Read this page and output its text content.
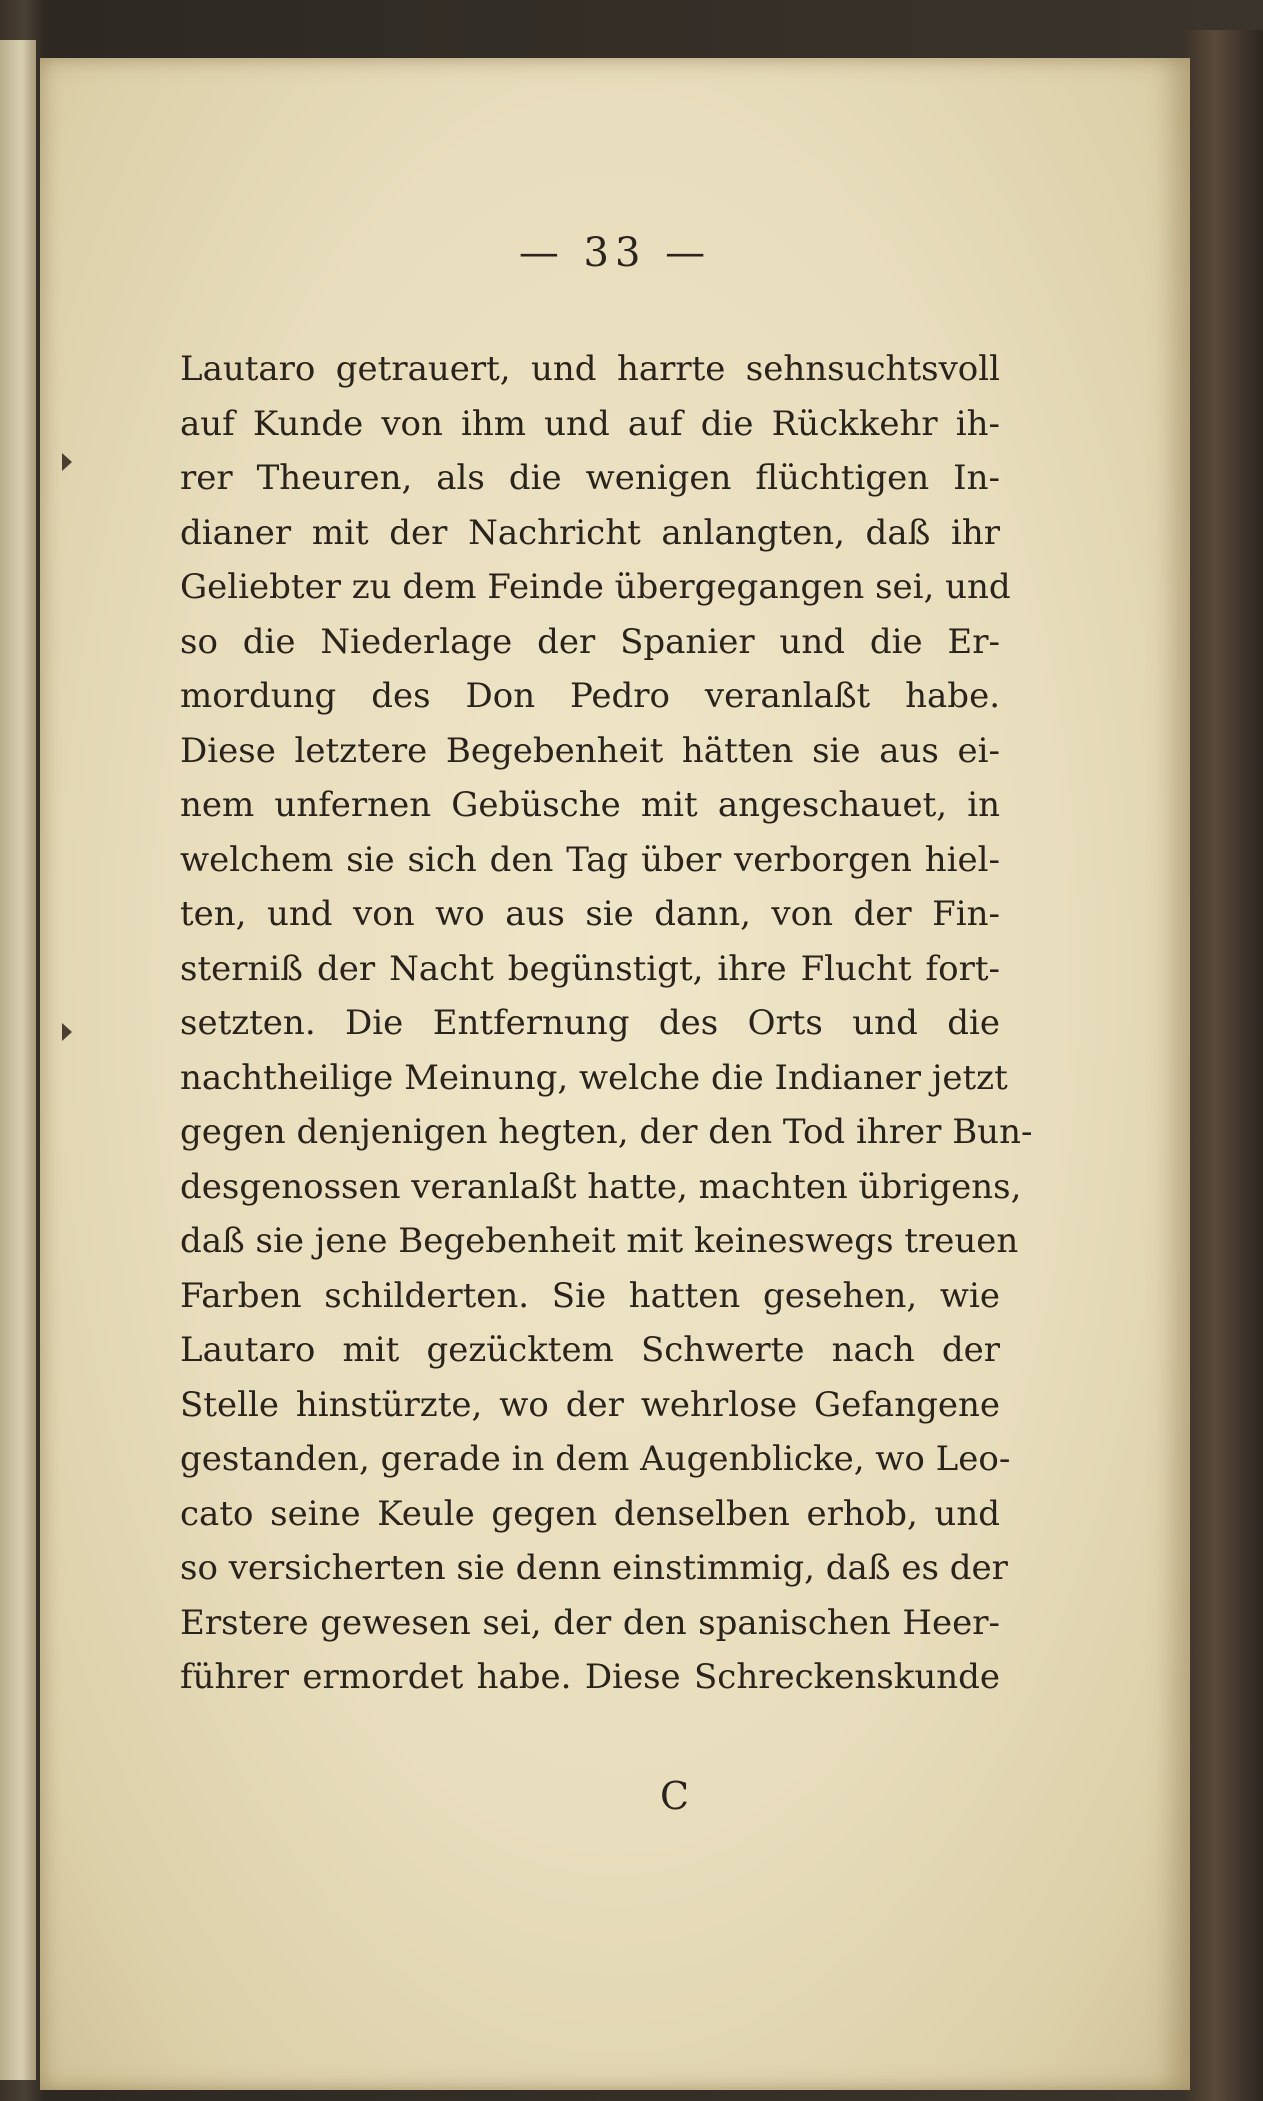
— 33 —
Lautaro getrauert, und harrte sehnsuchtsvoll
auf Kunde von ihm und auf die Rückkehr ih-
rer Theuren, als die wenigen flüchtigen In-
dianer mit der Nachricht anlangten, daß ihr
Geliebter zu dem Feinde übergegangen sei, und
so die Niederlage der Spanier und die Er-
mordung des Don Pedro veranlaßt habe.
Diese letztere Begebenheit hätten sie aus ei-
nem unfernen Gebüsche mit angeschauet, in
welchem sie sich den Tag über verborgen hiel-
ten, und von wo aus sie dann, von der Fin-
sterniß der Nacht begünstigt, ihre Flucht fort-
setzten. Die Entfernung des Orts und die
nachtheilige Meinung, welche die Indianer jetzt
gegen denjenigen hegten, der den Tod ihrer Bun-
desgenossen veranlaßt hatte, machten übrigens,
daß sie jene Begebenheit mit keineswegs treuen
Farben schilderten. Sie hatten gesehen, wie
Lautaro mit gezücktem Schwerte nach der
Stelle hinstürzte, wo der wehrlose Gefangene
gestanden, gerade in dem Augenblicke, wo Leo-
cato seine Keule gegen denselben erhob, und
so versicherten sie denn einstimmig, daß es der
Erstere gewesen sei, der den spanischen Heer-
führer ermordet habe. Diese Schreckenskunde
C
